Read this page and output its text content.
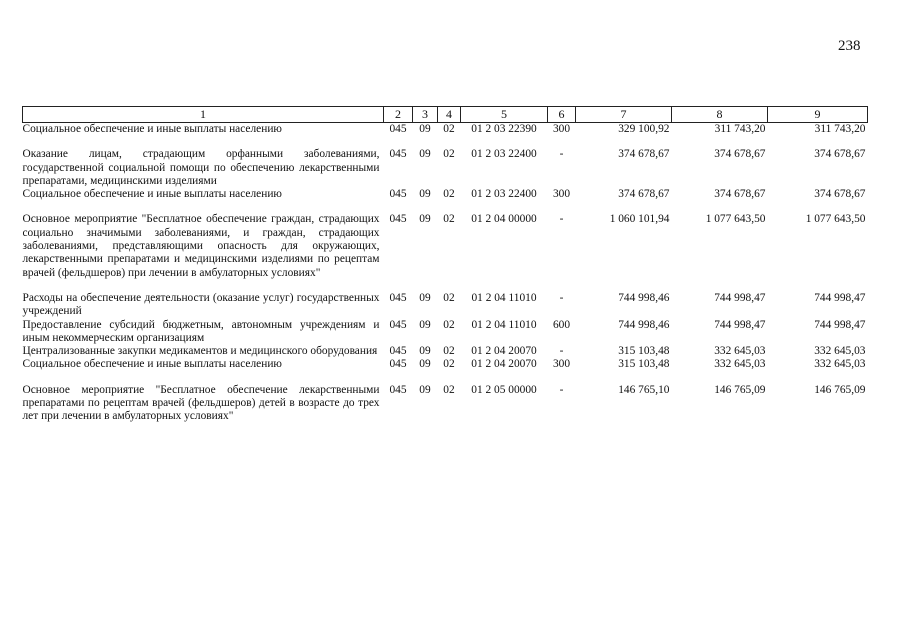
238
1	2	3	4	5	6	7	8	9
Социальное обеспечение и иные выплаты населению	045	09	02	01 2 03 22390	300	329 100,92	311 743,20	311 743,20

Оказание лицам, страдающим орфанными заболеваниями, государственной социальной помощи по обеспечению лекарственными препаратами, медицинскими изделиями	045	09	02	01 2 03 22400	-	374 678,67	374 678,67	374 678,67
Социальное обеспечение и иные выплаты населению	045	09	02	01 2 03 22400	300	374 678,67	374 678,67	374 678,67

Основное мероприятие "Бесплатное обеспечение граждан, страдающих социально значимыми заболеваниями, и граждан, страдающих заболеваниями, представляющими опасность для окружающих, лекарственными препаратами и медицинскими изделиями по рецептам врачей (фельдшеров) при лечении в амбулаторных условиях"	045	09	02	01 2 04 00000	-	1 060 101,94	1 077 643,50	1 077 643,50

Расходы на обеспечение деятельности (оказание услуг) государственных учреждений	045	09	02	01 2 04 11010	-	744 998,46	744 998,47	744 998,47
Предоставление субсидий бюджетным, автономным учреждениям и иным некоммерческим организациям	045	09	02	01 2 04 11010	600	744 998,46	744 998,47	744 998,47
Централизованные закупки медикаментов и медицинского оборудования	045	09	02	01 2 04 20070	-	315 103,48	332 645,03	332 645,03
Социальное обеспечение и иные выплаты населению	045	09	02	01 2 04 20070	300	315 103,48	332 645,03	332 645,03

Основное мероприятие "Бесплатное обеспечение лекарственными препаратами по рецептам врачей (фельдшеров) детей в возрасте до трех лет при лечении в амбулаторных условиях"	045	09	02	01 2 05 00000	-	146 765,10	146 765,09	146 765,09
